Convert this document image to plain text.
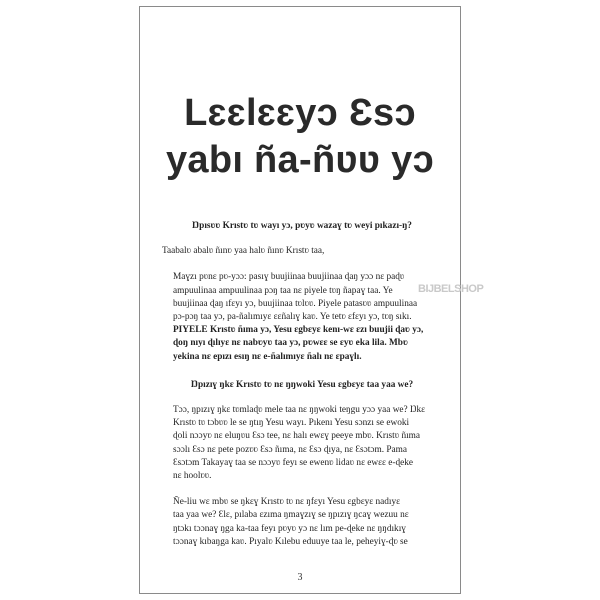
Lɛɛlɛɛyɔ Ɛsɔ
yabı ña-ñʋʋ yɔ
BIJBELSHOP

Ŋpısʋʋ Krıstʋ tʋ wayı yɔ, pʋyʋ wazaɣ tʋ weyi pıkazı-ŋ?

Taabalʋ abalʋ ñınʋ yaa halʋ ñınʋ Krıstʋ taa,

Maɣzı pʋnɛ pʋ-yɔɔ: pasıɣ buujiinaa buujiinaa ɖaŋ yɔɔ nɛ paɖʋ
ampuulinaa ampuulinaa pɔŋ taa nɛ piyele tʋŋ ñapaɣ taa. Ye
buujiinaa ɖaŋ ıfɛyı yɔ, buujiinaa tʋlʋʋ. Piyele patasʋʋ ampuulinaa
pɔ-pɔŋ taa yɔ, pa-ñalımıyɛ ɛɛñalıɣ kaʋ. Ye tetʋ ɛfɛyı yɔ, tʋŋ sıkı.
PIYELE Krıstʋ ñıma yɔ, Yesu ɛgbɛyɛ kenı-wɛ ɛzı buujii ɖaʋ yɔ,
ɖoŋ nıyı ɖılıyɛ nɛ nabʋyʋ taa yɔ, pʋwɛɛ se ɛyʋ eka lila. Mbʋ
yekina nɛ epızı esıŋ nɛ e-ñalımıyɛ ñalı nɛ ɛpaɣlı.

Ŋpızıɣ ŋkɛ Krıstʋ tʋ nɛ ŋŋwoki Yesu ɛgbɛyɛ taa yaa we?

Tɔɔ, ŋpızıɣ ŋkɛ tʋmlaɖʋ mele taa nɛ ŋŋwoki teŋgu yɔɔ yaa we? Ŋkɛ
Krıstʋ tʋ tɔbʋʋ le se ŋtıŋ Yesu wayı. Pıkenı Yesu sɔnzı se ewoki
ɖoli nɔɔyʋ nɛ eluŋʋu Ɛsɔ tee, nɛ halı ewɛɣ peeye mbʋ. Krıstʋ ñıma
sɔɔlı Ɛsɔ nɛ pete pozʋʋ Ɛsɔ ñıma, nɛ Ɛsɔ ɖıya, nɛ Ɛsɔtɔm. Pama
Ɛsɔtɔm Takayaɣ taa se nɔɔyʋ feyı se ewenʋ lidaʋ nɛ ewɛɛ e-ɖeke
nɛ hoolʋʋ.

Ñe-liu wɛ mbʋ se ŋkɛɣ Krıstʋ tʋ nɛ ŋfɛyı Yesu ɛgbɛyɛ nadıyɛ
taa yaa we? Ɛlɛ, pılaba ɛzıma ŋmaɣzıɣ se ŋpızıɣ ŋcaɣ wezuu nɛ
ŋtɔkı tɔɔnaɣ ŋga ka-taa feyı pʋyʋ yɔ nɛ lım pe-ɖeke nɛ ŋŋdıkıɣ
tɔɔnaɣ kıbaŋga kaʋ. Pıyalʋ Kılebu eduuye taa le, peheyiɣ-ɖʋ se

3
